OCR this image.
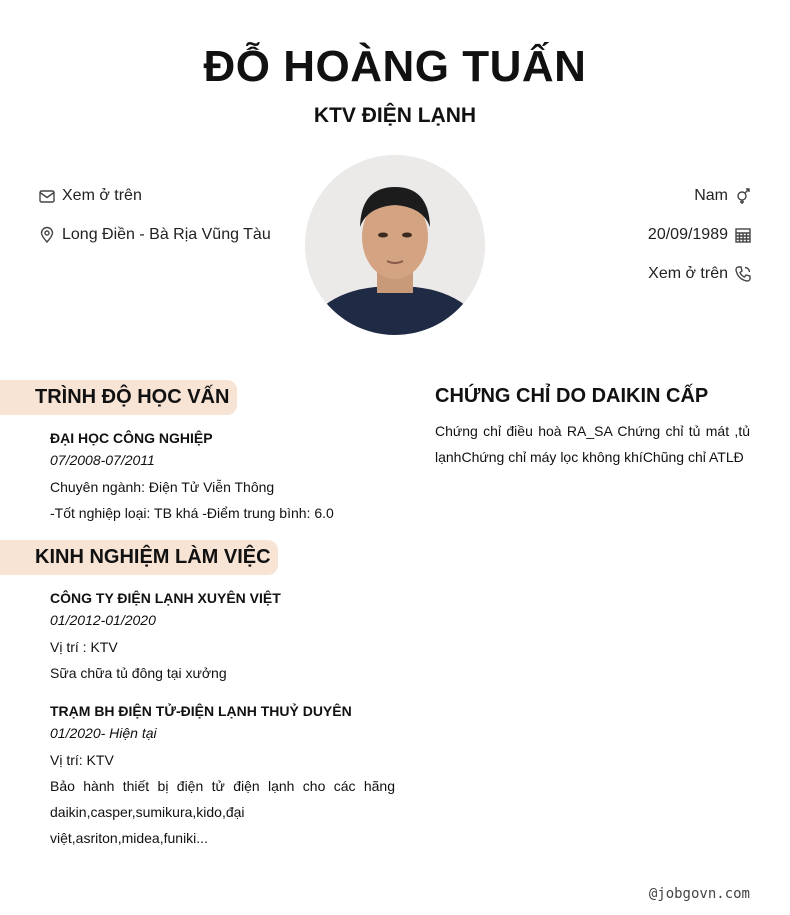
ĐỖ HOÀNG TUẤN
KTV ĐIỆN LẠNH
Xem ở trên
Long Điền - Bà Rịa Vũng Tàu
Nam
20/09/1989
Xem ở trên
TRÌNH ĐỘ HỌC VẤN
ĐẠI HỌC CÔNG NGHIỆP
07/2008-07/2011
Chuyên ngành: Điện Tử Viễn Thông
-Tốt nghiệp loại: TB khá -Điểm trung bình: 6.0
KINH NGHIỆM LÀM VIỆC
CÔNG TY ĐIỆN LẠNH XUYÊN VIỆT
01/2012-01/2020
Vị trí : KTV
Sữa chữa tủ đông tại xưởng
TRẠM BH ĐIỆN TỬ-ĐIỆN LẠNH THUỶ DUYÊN
01/2020- Hiện tại
Vị trí: KTV
Bảo hành thiết bị điện tử điện lạnh cho các hãng
daikin,casper,sumikura,kido,đại
việt,asriton,midea,funiki...
CHỨNG CHỈ DO DAIKIN CẤP
Chứng chỉ điều hoà RA_SA Chứng chỉ tủ mát ,tủ lạnhChứng chỉ máy lọc không khíChũng chỉ ATLĐ
@jobgovn.com
